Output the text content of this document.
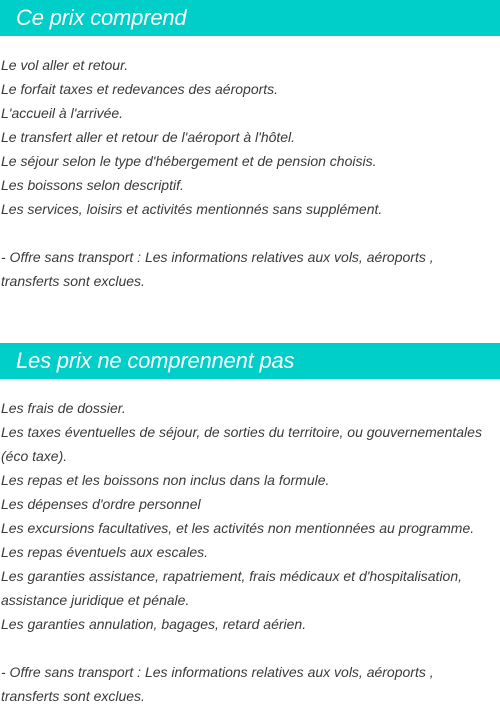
Ce prix comprend
Le vol aller et retour.
Le forfait taxes et redevances des aéroports.
L'accueil à l'arrivée.
Le transfert aller et retour de l'aéroport à l'hôtel.
Le séjour selon le type d'hébergement et de pension choisis.
Les boissons selon descriptif.
Les services, loisirs et activités mentionnés sans supplément.

- Offre sans transport : Les informations relatives aux vols, aéroports ,

transferts sont exclues.

Les prix ne comprennent pas
Les frais de dossier.
Les taxes éventuelles de séjour, de sorties du territoire, ou gouvernementales
(éco taxe).
Les repas et les boissons non inclus dans la formule.
Les dépenses d'ordre personnel
Les excursions facultatives, et les activités non mentionnées au programme.
Les repas éventuels aux escales.
Les garanties assistance, rapatriement, frais médicaux et d'hospitalisation,
assistance juridique et pénale.
Les garanties annulation, bagages, retard aérien.

- Offre sans transport : Les informations relatives aux vols, aéroports ,

transferts sont exclues.
